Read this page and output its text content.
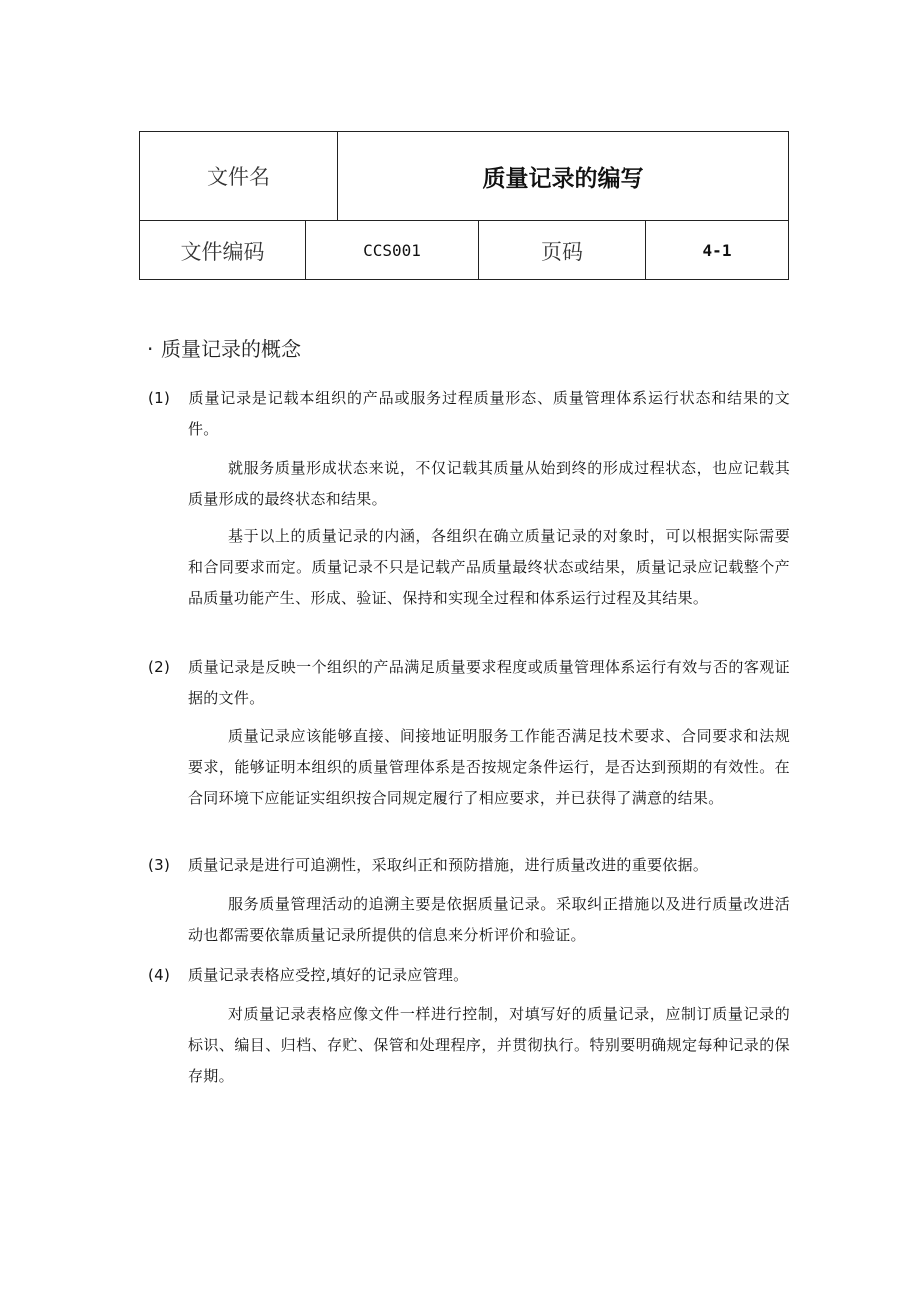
文件名	质量记录的编写
文件编码	CCS001	页码	4-1
· 质量记录的概念
(1) 质量记录是记载本组织的产品或服务过程质量形态、质量管理体系运行状态和结果的文件。
就服务质量形成状态来说，不仅记载其质量从始到终的形成过程状态，也应记载其质量形成的最终状态和结果。
基于以上的质量记录的内涵，各组织在确立质量记录的对象时，可以根据实际需要和合同要求而定。质量记录不只是记载产品质量最终状态或结果，质量记录应记载整个产品质量功能产生、形成、验证、保持和实现全过程和体系运行过程及其结果。
(2) 质量记录是反映一个组织的产品满足质量要求程度或质量管理体系运行有效与否的客观证据的文件。
质量记录应该能够直接、间接地证明服务工作能否满足技术要求、合同要求和法规要求，能够证明本组织的质量管理体系是否按规定条件运行，是否达到预期的有效性。在合同环境下应能证实组织按合同规定履行了相应要求，并已获得了满意的结果。
(3) 质量记录是进行可追溯性，采取纠正和预防措施，进行质量改进的重要依据。
服务质量管理活动的追溯主要是依据质量记录。采取纠正措施以及进行质量改进活动也都需要依靠质量记录所提供的信息来分析评价和验证。
(4) 质量记录表格应受控,填好的记录应管理。
对质量记录表格应像文件一样进行控制，对填写好的质量记录，应制订质量记录的标识、编目、归档、存贮、保管和处理程序，并贯彻执行。特别要明确规定每种记录的保存期。
